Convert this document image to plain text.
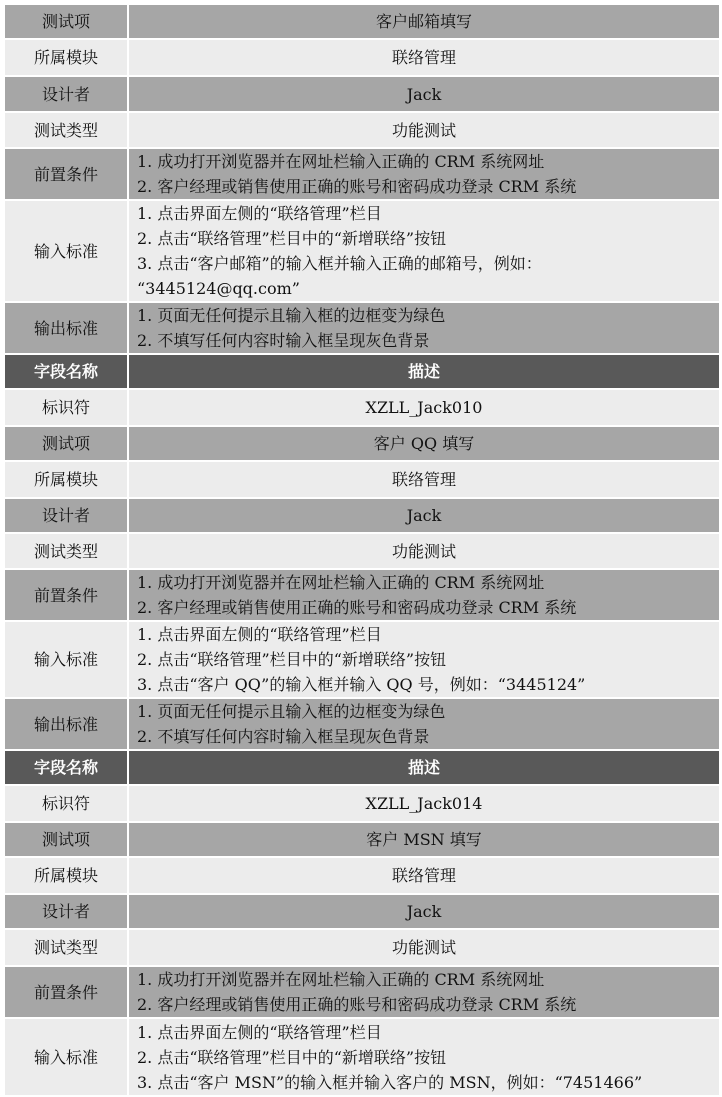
测试项	客户邮箱填写
所属模块	联络管理
设计者	Jack
测试类型	功能测试
前置条件	1. 成功打开浏览器并在网址栏输入正确的 CRM 系统网址
2. 客户经理或销售使用正确的账号和密码成功登录 CRM 系统

输入标准	1. 点击界面左侧的“联络管理”栏目
2. 点击“联络管理”栏目中的“新增联络”按钮
3. 点击“客户邮箱”的输入框并输入正确的邮箱号，例如：
“3445124@qq.com”

输出标准	1. 页面无任何提示且输入框的边框变为绿色
2. 不填写任何内容时输入框呈现灰色背景

字段名称	描述
标识符	XZLL_Jack010
测试项	客户 QQ 填写
所属模块	联络管理
设计者	Jack
测试类型	功能测试
前置条件	1. 成功打开浏览器并在网址栏输入正确的 CRM 系统网址
2. 客户经理或销售使用正确的账号和密码成功登录 CRM 系统

输入标准	1. 点击界面左侧的“联络管理”栏目
2. 点击“联络管理”栏目中的“新增联络”按钮
3. 点击“客户 QQ”的输入框并输入 QQ 号，例如：“3445124”

输出标准	1. 页面无任何提示且输入框的边框变为绿色
2. 不填写任何内容时输入框呈现灰色背景

字段名称	描述
标识符	XZLL_Jack014
测试项	客户 MSN 填写
所属模块	联络管理
设计者	Jack
测试类型	功能测试
前置条件	1. 成功打开浏览器并在网址栏输入正确的 CRM 系统网址
2. 客户经理或销售使用正确的账号和密码成功登录 CRM 系统

输入标准	1. 点击界面左侧的“联络管理”栏目
2. 点击“联络管理”栏目中的“新增联络”按钮
3. 点击“客户 MSN”的输入框并输入客户的 MSN，例如：“7451466”
